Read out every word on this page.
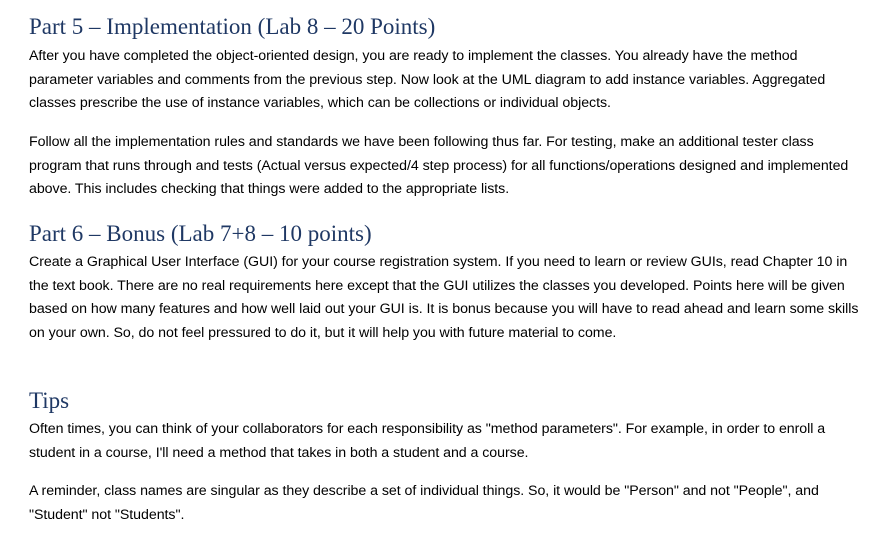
Part 5 – Implementation (Lab 8 – 20 Points)

After you have completed the object-oriented design, you are ready to implement the classes. You already have the method parameter variables and comments from the previous step. Now look at the UML diagram to add instance variables. Aggregated classes prescribe the use of instance variables, which can be collections or individual objects.

Follow all the implementation rules and standards we have been following thus far. For testing, make an additional tester class program that runs through and tests (Actual versus expected/4 step process) for all functions/operations designed and implemented above. This includes checking that things were added to the appropriate lists.

Part 6 – Bonus (Lab 7+8 – 10 points)

Create a Graphical User Interface (GUI) for your course registration system. If you need to learn or review GUIs, read Chapter 10 in the text book. There are no real requirements here except that the GUI utilizes the classes you developed. Points here will be given based on how many features and how well laid out your GUI is. It is bonus because you will have to read ahead and learn some skills on your own. So, do not feel pressured to do it, but it will help you with future material to come.

Tips

Often times, you can think of your collaborators for each responsibility as "method parameters". For example, in order to enroll a student in a course, I'll need a method that takes in both a student and a course.

A reminder, class names are singular as they describe a set of individual things. So, it would be "Person" and not "People", and "Student" not "Students".
